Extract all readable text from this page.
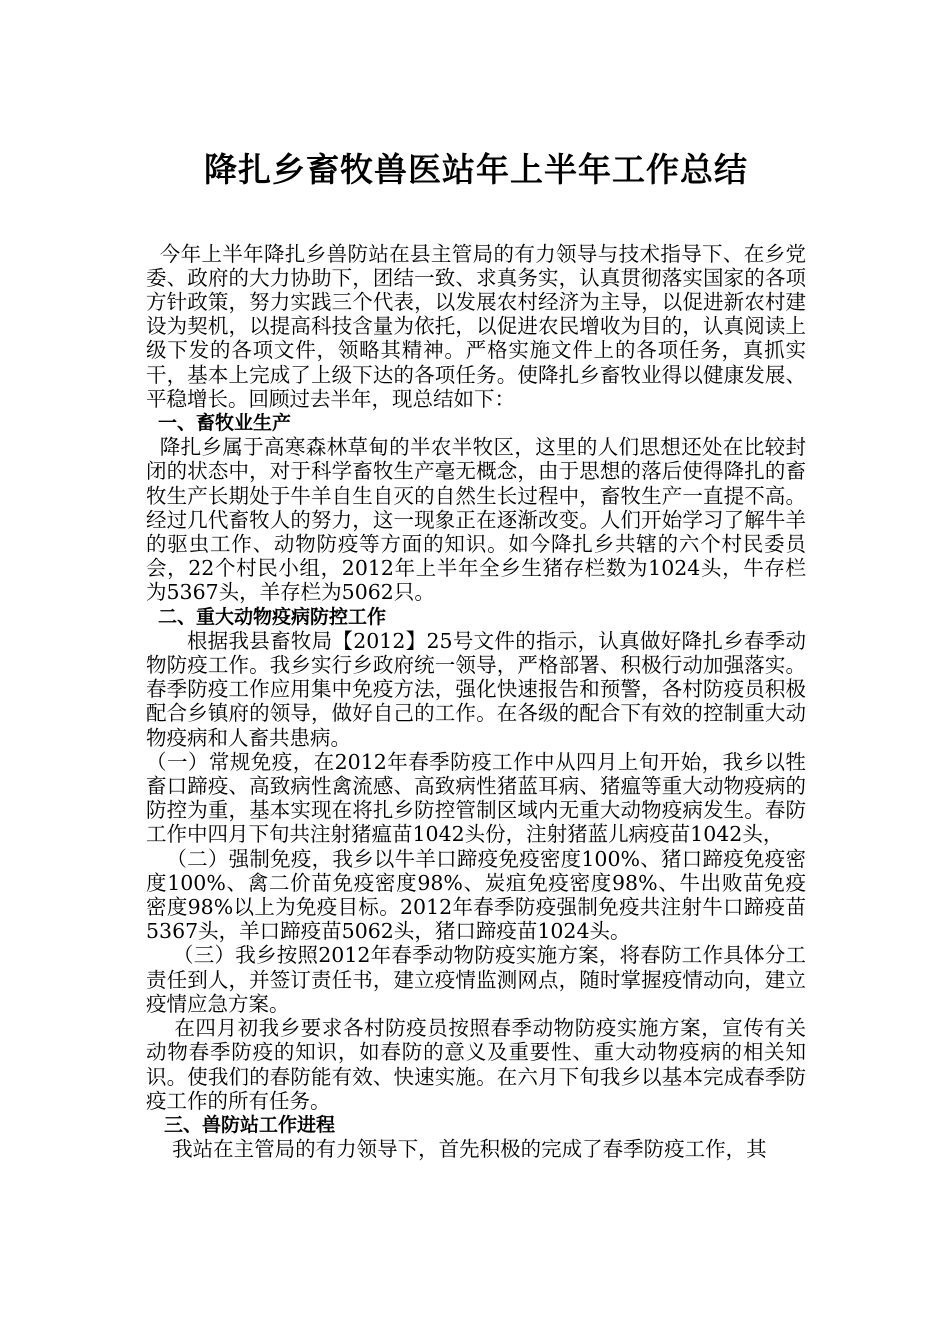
降扎乡畜牧兽医站年上半年工作总结

今年上半年降扎乡兽防站在县主管局的有力领导与技术指导下、在乡党委、政府的大力协助下，团结一致、求真务实，认真贯彻落实国家的各项方针政策，努力实践三个代表，以发展农村经济为主导，以促进新农村建设为契机，以提高科技含量为依托，以促进农民增收为目的，认真阅读上级下发的各项文件，领略其精神。严格实施文件上的各项任务，真抓实干，基本上完成了上级下达的各项任务。使降扎乡畜牧业得以健康发展、平稳增长。回顾过去半年，现总结如下：

一、畜牧业生产

降扎乡属于高寒森林草甸的半农半牧区，这里的人们思想还处在比较封闭的状态中，对于科学畜牧生产毫无概念，由于思想的落后使得降扎的畜牧生产长期处于牛羊自生自灭的自然生长过程中，畜牧生产一直提不高。经过几代畜牧人的努力，这一现象正在逐渐改变。人们开始学习了解牛羊的驱虫工作、动物防疫等方面的知识。如今降扎乡共辖的六个村民委员会，22个村民小组，2012年上半年全乡生猪存栏数为1024头，牛存栏为5367头，羊存栏为5062只。

二、重大动物疫病防控工作

根据我县畜牧局【2012】25号文件的指示，认真做好降扎乡春季动物防疫工作。我乡实行乡政府统一领导，严格部署、积极行动加强落实。春季防疫工作应用集中免疫方法，强化快速报告和预警，各村防疫员积极配合乡镇府的领导，做好自己的工作。在各级的配合下有效的控制重大动物疫病和人畜共患病。

（一）常规免疫，在2012年春季防疫工作中从四月上旬开始，我乡以牲畜口蹄疫、高致病性禽流感、高致病性猪蓝耳病、猪瘟等重大动物疫病的防控为重，基本实现在将扎乡防控管制区域内无重大动物疫病发生。春防工作中四月下旬共注射猪瘟苗1042头份，注射猪蓝儿病疫苗1042头，

（二）强制免疫，我乡以牛羊口蹄疫免疫密度100%、猪口蹄疫免疫密度100%、禽二价苗免疫密度98%、炭疽免疫密度98%、牛出败苗免疫密度98%以上为免疫目标。2012年春季防疫强制免疫共注射牛口蹄疫苗5367头，羊口蹄疫苗5062头，猪口蹄疫苗1024头。

（三）我乡按照2012年春季动物防疫实施方案，将春防工作具体分工责任到人，并签订责任书，建立疫情监测网点，随时掌握疫情动向，建立疫情应急方案。

在四月初我乡要求各村防疫员按照春季动物防疫实施方案，宣传有关动物春季防疫的知识，如春防的意义及重要性、重大动物疫病的相关知识。使我们的春防能有效、快速实施。在六月下旬我乡以基本完成春季防疫工作的所有任务。

三、兽防站工作进程

我站在主管局的有力领导下，首先积极的完成了春季防疫工作，其
